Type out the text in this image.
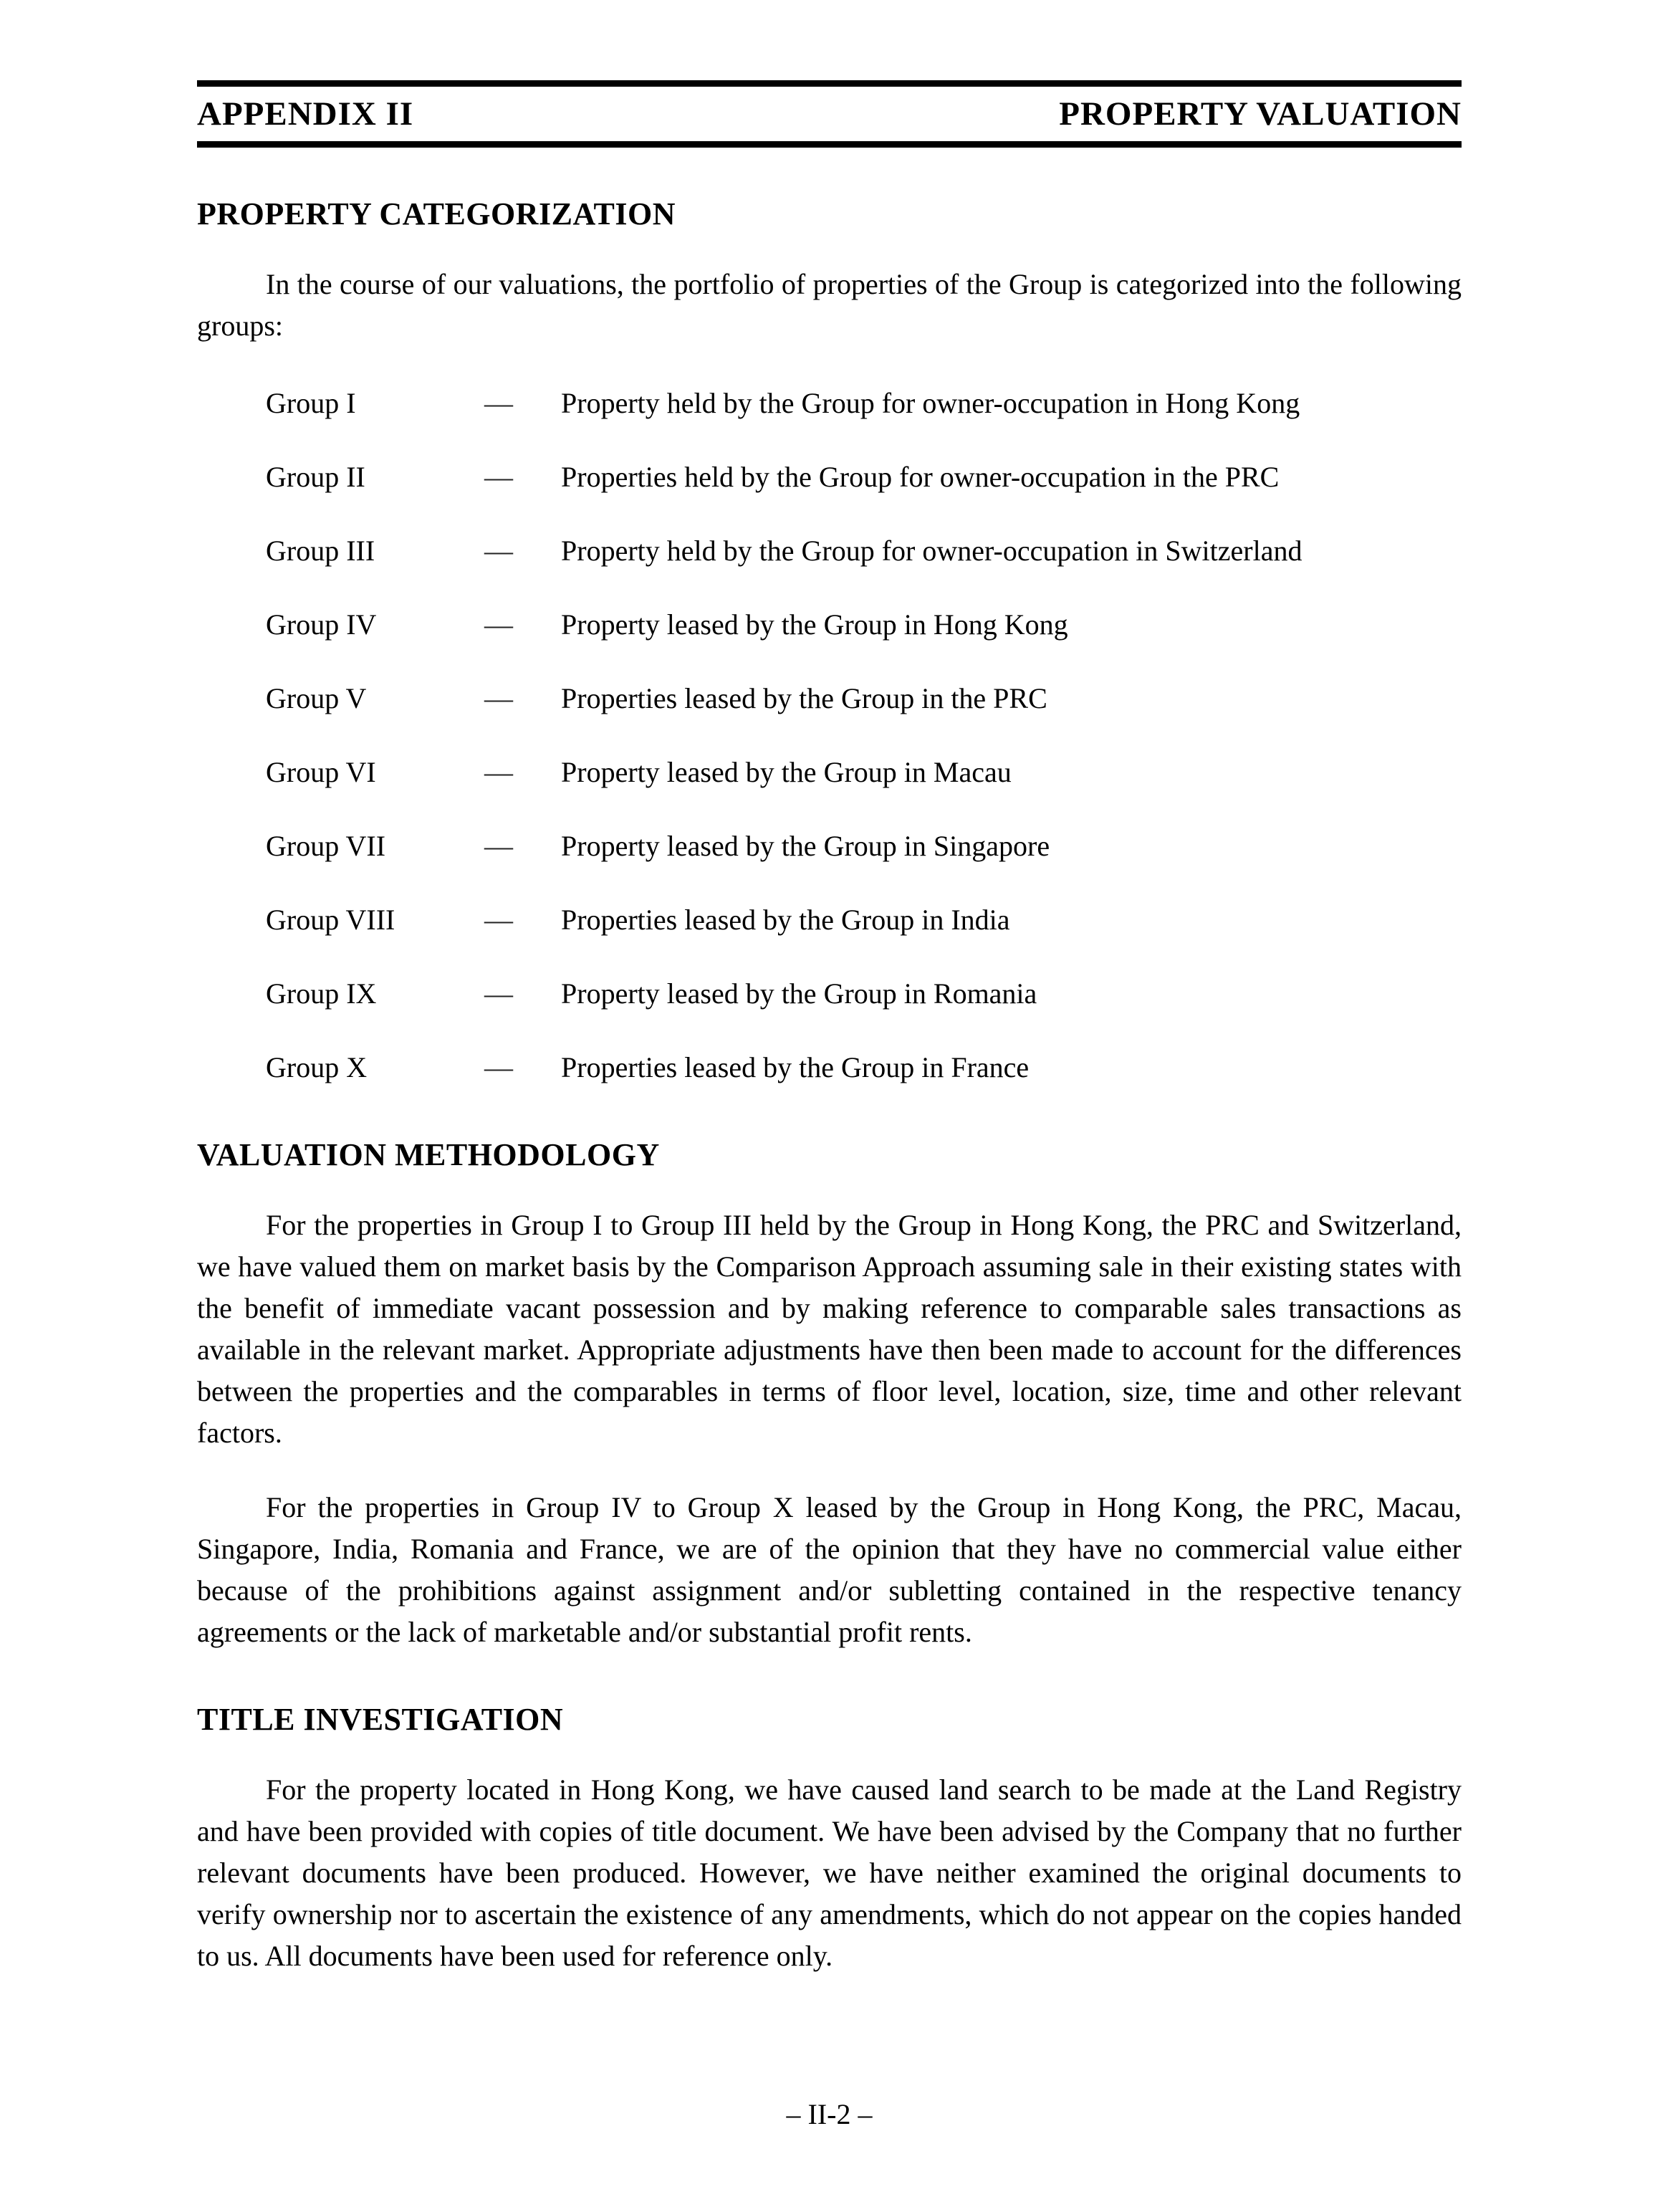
APPENDIX II	PROPERTY VALUATION
PROPERTY CATEGORIZATION

In the course of our valuations, the portfolio of properties of the Group is categorized into the following groups:

Group I	—	Property held by the Group for owner-occupation in Hong Kong
Group II	—	Properties held by the Group for owner-occupation in the PRC
Group III	—	Property held by the Group for owner-occupation in Switzerland
Group IV	—	Property leased by the Group in Hong Kong
Group V	—	Properties leased by the Group in the PRC
Group VI	—	Property leased by the Group in Macau
Group VII	—	Property leased by the Group in Singapore
Group VIII	—	Properties leased by the Group in India
Group IX	—	Property leased by the Group in Romania
Group X	—	Properties leased by the Group in France
VALUATION METHODOLOGY

For the properties in Group I to Group III held by the Group in Hong Kong, the PRC and Switzerland, we have valued them on market basis by the Comparison Approach assuming sale in their existing states with the benefit of immediate vacant possession and by making reference to comparable sales transactions as available in the relevant market. Appropriate adjustments have then been made to account for the differences between the properties and the comparables in terms of floor level, location, size, time and other relevant factors.

For the properties in Group IV to Group X leased by the Group in Hong Kong, the PRC, Macau, Singapore, India, Romania and France, we are of the opinion that they have no commercial value either because of the prohibitions against assignment and/or subletting contained in the respective tenancy agreements or the lack of marketable and/or substantial profit rents.

TITLE INVESTIGATION

For the property located in Hong Kong, we have caused land search to be made at the Land Registry and have been provided with copies of title document. We have been advised by the Company that no further relevant documents have been produced. However, we have neither examined the original documents to verify ownership nor to ascertain the existence of any amendments, which do not appear on the copies handed to us. All documents have been used for reference only.

– II-2 –
